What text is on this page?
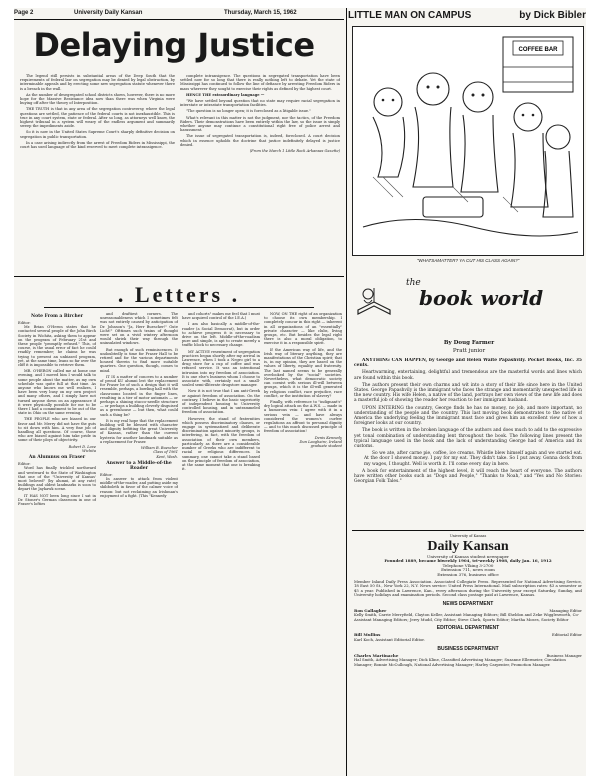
Page 2	University Daily Kansan	Thursday, March 15, 1962
Delaying Justice

The legend still persists in substantial areas of the Deep South that the requirements of federal law on segregation may be denied by legal obstruction, by interminable appeals and by erecting some new segregation statute whenever there is a breach in the wall.

As the number of desegregated school districts shows, however, there is no more hope for the Massive Resistance idea now than there was when Virginia were buying off after the theory of Interposition.

THE TRUTH is that in any area of the segregation controversy, where the legal questions are settled, the patience of the federal courts is not inexhaustible. This is true in any court system, state or federal. After so long, as attorneys well know, the highest tribunal in a system will weary of the endless argument and summarily sweep the impediments aside.

So it is now in the United States Supreme Court's sharply definitive decision on segregation in public transportation.

In a case arising indirectly from the arrest of Freedom Riders in Mississippi, the court has used language of the kind reserved to meet complete intransigence.

complete intransigence. The questions in segregated transportation have been settled now for so long that there is really nothing left to debate. Yet the state of Mississippi has continued to follow the line of defiance by arresting Freedom Riders in mass wherever they sought to exercise their rights as defined by the highest court.

HENCE THE extraordinary language —

"We have settled beyond question that no state may require racial segregation in interstate or intrastate transportation facilities.

"The question is no longer open; it is foreclosed as a litigable issue."

What's relevant in this matter is not the judgment, nor the tactics, of the Freedom Riders. Their demonstrations have been entirely within the law, so the issue is simply whether anyone may continue a constitutional right free of police arrest and harassment.

The issue of segregated transportation is, indeed, foreclosed. A court decision which in essence upholds the doctrine that justice indefinitely delayed is justice denied.

(From the March 1 Little Rock Arkansas Gazette)

LITTLE MAN ON CAMPUS	by Dick Bibler
COFFEE BAR
"WHATSAMATTER? YA CUT HIS CLASS AGAIN?"
. Letters .

Note From a Bircher

Editor:

Mr. Brian O'Heron states that he contacted several people of the John Birch Society in Wichita, asking them to appear on the program of February 21st and these people "promptly refused." This, of course, is the usual error of fact he could readily remember; he claims he was trying to present an unbiased program, yet, at the same time, leans so far over the cliff it is impossible to retrieve them.

MR. O'HERON called me at home one evening, and I moved him I would talk to some people about the matter, as my own schedule was quite full at that time. As anyone who knows me well realizes, I have been very busy on my own project and many others, and I simply have not turned anyone down on an appearance if it were physically possible for me to be there I had a commitment to be out of the state in Ohio on the same evening.

THE PEOPLE who are biased in our favor and Mr. Merry did not have the guts to sit down with him. A very fine job of handling all questions. Of course, those who are biased against him take pride in some of their ploys of objectivity.

Robert D. Love

Wichita

An Alumnus on Fraser

Editor:

Word has finally trickled northward and westward to the State of Washington that one of the "University of Kansas' most beloved" (by alumni, at any rate) buildings and oldest landmarks is soon to depart the Jayhawk scene.

IT HAS NOT been long since I sat in Dr. Stoner's German classroom in one of Fraser's lofties

and draftiest corners. The unreasonableness which I sometimes felt was not entirely caused by anticipation of Dr. Johnson's "Ja, Herr Buescher!" Gute Licht!" Ofttimes such trains of thought were set on a vivid wintery afternoon would shriek their way through the uninsulated windows.

But enough of such reminiscences. It undoubtedly is time for Fraser Hall to be retired and for the various departments housed therein to find more suitable quarters. One question, though, comes to mind.

IT IS a matter of concern to a number of proud KU alumni lest the replacement for Fraser be of such a design that it will resemble, perhaps, a bowling hall with the classrooms located in the finger lines, resulting in a tier of motor automats — or perhaps a shining stucco-needle structure — or perhaps a building cleverly disguised as a greenhouse — but then, what could such a thing be?

It is my real hope that the replacement building will be blessed with character and dignity befitting the great University of Kansas, rather than the current hysteria for another landmark suitable as a replacement for Fraser.

William B. Buescher

Class of 1961

Kent, Wash.

Answer to a Middle-of-the Roader

Editor:

In answer to attack from violent middle-of-the-roader, and putting aside my shibboleth in favor of the calmer voice of reason: but not reclaiming an Irishman's enjoyment of a fight. (This "Kennedy

and cohorts" makes me feel that I must have acquired control of the I.E.A.)

I am also basically a middle-of-the-roader (a Social Democrat), but in order to achieve progress it is necessary to drive on the left. Middle-of-the-roadism pure and simple, is apt to create merely a traffic block to necessary change.

MY ACTIVE resentment of segregation practices began shortly after my arrival in Lawrence, when I took a Negro girl to a drug store for a cup of coffee and was refused service. It was an intentional intrusion into my freedom of association. It is one else's business whom I choose to associate with, certainly not a small-souled semi-illiterate drugstore manager.

Now it is not true that I am anti-Greek or against freedom of association. On the contrary, I believe in the basic superiority of independent housing to University controlled housing, and in untrammeled freedom of association.

However, the stand of fraternities which possess discriminatory clauses, or engage in systematized and deliberate discrimination against minority groups, is interfering, in fact, with the freedom of association of their own members, particularly as there are a considerable number of Greeks who are indifferent to racial or religious differences. In summary, one cannot take a stand based on the principle of freedom of association, at the same moment that one is breaking it.

NOW, ON THE right of an organization to choose its own membership. I completely concur in this right — inherent in all organizations of an "essentially" private character — like clubs, living groups, etc. But besides the legal right there is also a moral obligation, to exercise it in a responsible spirit.

If the American way of life, and the Irish way of literary anything, they are manifestations of the Christian spirit; that is, in my opinion, they are based on the values of liberty, equality and fraternity. The last named seems to be generally overlooked by the "social" societies. Nevertheless, what democratic society can coexist with serious ill-will between groups, which it is the ill-will generated by religious conflict, race prejudice, race conflict, or the institution of slavery?

Finally, with reference to "indignant's" dry logical attack on the A.W.S. — made in a humorous vein: I agree with it in a serious vein — and have always considered the women's curfew regulations an affront to personal dignity — and to this much discussed principle of freedom of association!

Denis Kennedy

Dun Laoghaire, Ireland

graduate student

the
book world
By Doug Farmer
Pratt junior

ANYTHING CAN HAPPEN, by George and Helen Waite Papashvily. Pocket Books, Inc. 35 cents.

Heartwarming, entertaining, delightful and tremendous are the masterful words and lines which are found within this book.

The authors present their own charms and wit into a story of their life since here in the United States. George Papashvily is the immigrant who faces the strange and momentarily unexpected life in the new country. His wife Helen, a native of the land, portrays her own views of the new life and does a masterful job of showing the reader her reaction to her immigrant husband.

UPON ENTERING the country, George finds he has no money, no job, and more important, no understanding of the people and the country. This last moving book demonstrates to the native of America the underlying feeling the immigrant must face and gives him an excellent view of how a foreigner looks at our country.

The book is written in the broken language of the authors and does much to add to the expressive yet tonal combination of understanding lent throughout the book. The following lines present the typical language used in the book and the lack of understanding George had of America and its customs.

So we ate, after carne pie, coffee, ice creams. Whistle blew himself again and we started eat. At the door I showed money. I pay for my eat. They didn't take. So I put away. Gonna dock from my wages, I thought. Well is worth it. I'll come every day in here.

A book for entertainment of the highest level, it will reach the heart of everyone. The authors have written other books such as "Dogs and People," "Thanks to Noah," and "Yes and No Stories: Georgian Folk Tales."

University of Kansas
Daily Kansan
University of Kansas student newspaper
Founded 1889, became biweekly 1904, tri-weekly 1908, daily Jan. 16, 1912
Telephone VIking 3-2700
Extension 711, news room
Extension 376, business office
Member Inland Daily Press Association. Associated Collegiate Press. Represented for National Advertising Service, 18 East 50 St., New York 22, N.Y. News service: United Press International. Mail subscription rates: $3 a semester or $5 a year. Published in Lawrence, Kan., every afternoon during the University year except Saturday, Sunday, and University holidays and examination periods. Second class postage paid at Lawrence, Kansas.
NEWS DEPARTMENT
Ron Gallagher	Managing Editor
Kelly Smith, Carrie Merryfield, Clayton Keller, Assistant Managing Editors; Bill Sheldon and Zeke Wigglesworth, Co-Assistant Managing Editors; Jerry Mudd, City Editor; Steve Clark, Sports Editor; Martha Moses, Society Editor
EDITORIAL DEPARTMENT
Bill Mullins	Editorial Editor
Karl Koch, Assistant Editorial Editor.
BUSINESS DEPARTMENT
Charles Martinache	Business Manager
Hal Smith, Advertising Manager; Dick Kline, Classified Advertising Manager; Suzanne Ellermeier, Circulation Manager; Bonnie McCullough, National Advertising Manager; Harley Carpenter, Promotion Manager.
